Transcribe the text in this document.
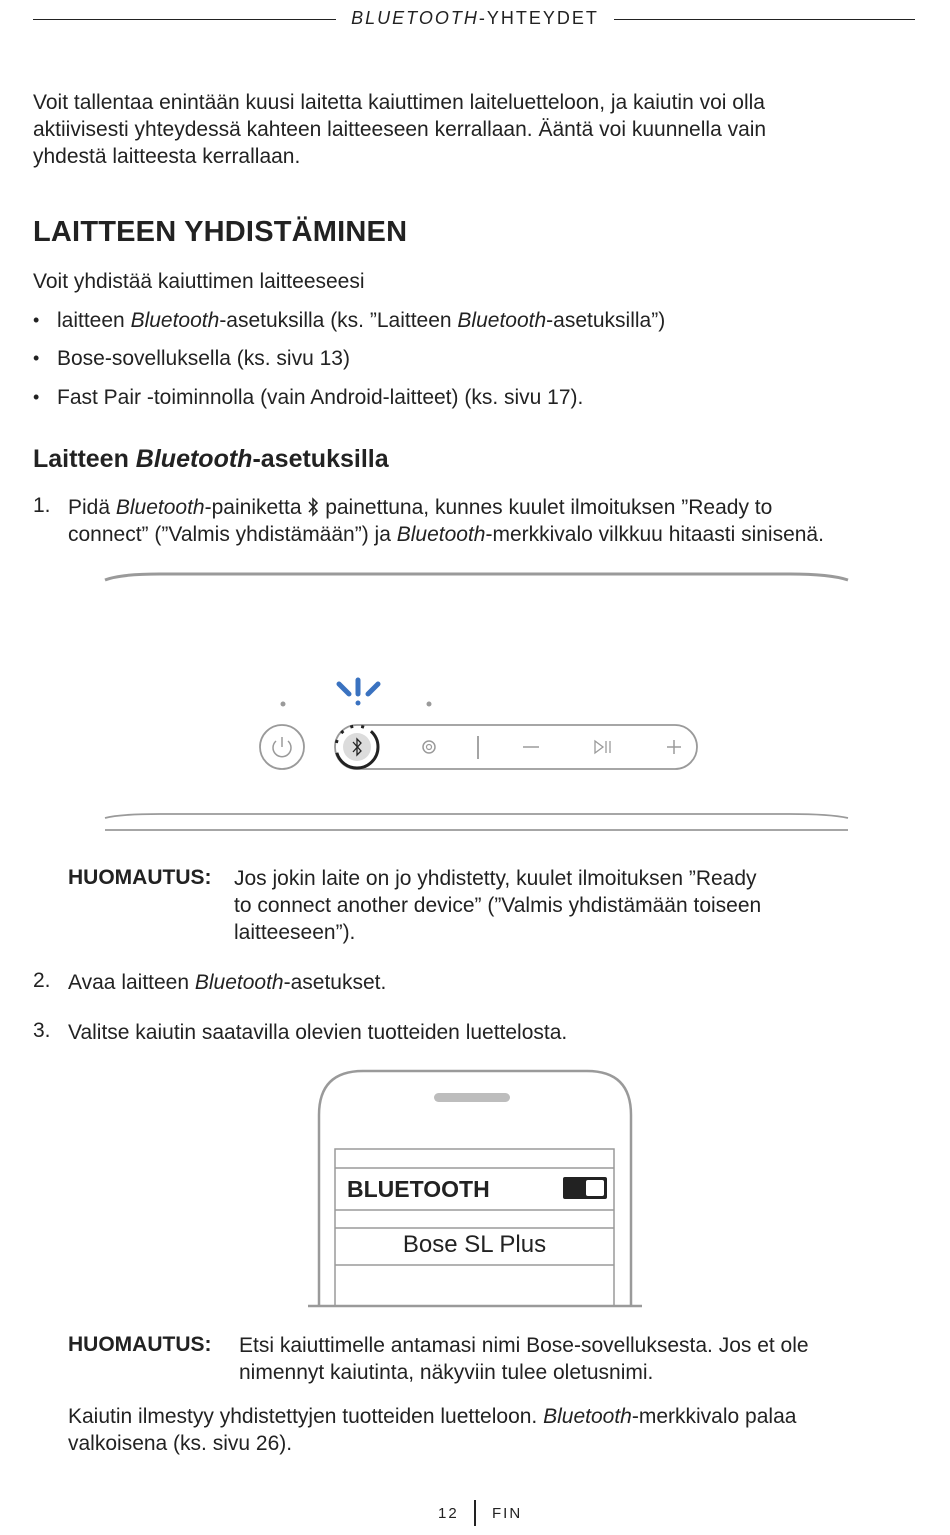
BLUETOOTH-YHTEYDET
Voit tallentaa enintään kuusi laitetta kaiuttimen laiteluetteloon, ja kaiutin voi olla
aktiivisesti yhteydessä kahteen laitteeseen kerrallaan. Ääntä voi kuunnella vain
yhdestä laitteesta kerrallaan.
LAITTEEN YHDISTÄMINEN
Voit yhdistää kaiuttimen laitteeseesi
• laitteen Bluetooth-asetuksilla (ks. ”Laitteen Bluetooth-asetuksilla”)
• Bose-sovelluksella (ks. sivu 13)
• Fast Pair -toiminnolla (vain Android-laitteet) (ks. sivu 17).
Laitteen Bluetooth-asetuksilla
1. Pidä Bluetooth-painiketta  painettuna, kunnes kuulet ilmoituksen ”Ready to
connect” (”Valmis yhdistämään”) ja Bluetooth-merkkivalo vilkkuu hitaasti sinisenä.
HUOMAUTUS: Jos jokin laite on jo yhdistetty, kuulet ilmoituksen ”Ready
to connect another device” (”Valmis yhdistämään toiseen
laitteeseen”).
2. Avaa laitteen Bluetooth-asetukset.
3. Valitse kaiutin saatavilla olevien tuotteiden luettelosta.
BLUETOOTH
Bose SL Plus
HUOMAUTUS: Etsi kaiuttimelle antamasi nimi Bose-sovelluksesta. Jos et ole
nimennyt kaiutinta, näkyviin tulee oletusnimi.
Kaiutin ilmestyy yhdistettyjen tuotteiden luetteloon. Bluetooth-merkkivalo palaa
valkoisena (ks. sivu 26).
12 FIN
